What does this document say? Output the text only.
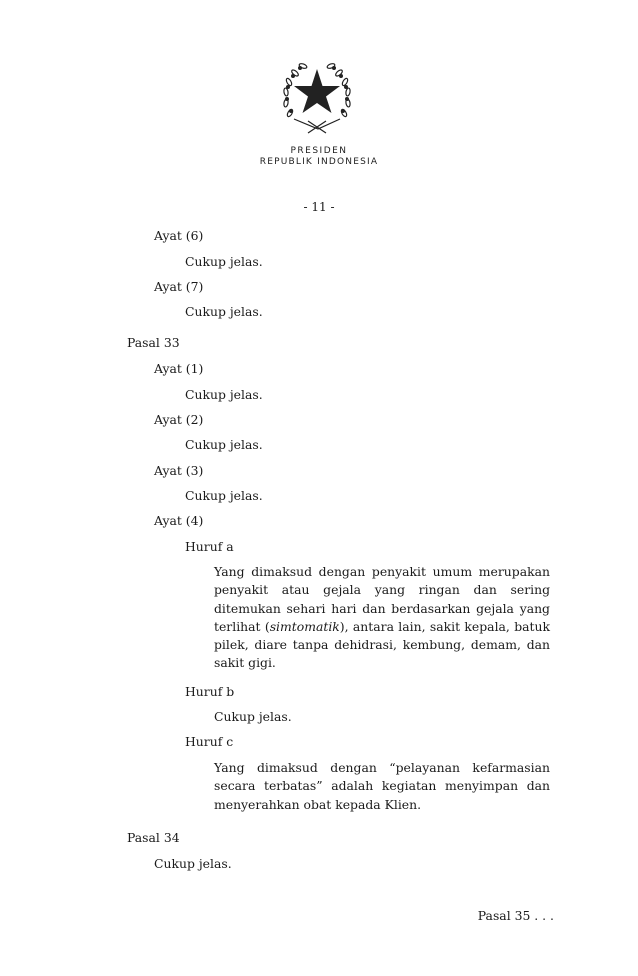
PRESIDEN
REPUBLIK INDONESIA
- 11 -
Ayat (6)
Cukup jelas.
Ayat (7)
Cukup jelas.
Pasal 33
Ayat (1)
Cukup jelas.
Ayat (2)
Cukup jelas.
Ayat (3)
Cukup jelas.
Ayat (4)
Huruf a
Yang dimaksud dengan penyakit umum merupakan penyakit atau gejala yang ringan dan sering ditemukan sehari hari dan berdasarkan gejala yang terlihat (simtomatik), antara lain, sakit kepala, batuk pilek, diare tanpa dehidrasi, kembung, demam, dan sakit gigi.
Huruf b
Cukup jelas.
Huruf c
Yang dimaksud dengan “pelayanan kefarmasian secara terbatas” adalah kegiatan menyimpan dan menyerahkan obat kepada Klien.
Pasal 34
Cukup jelas.
Pasal 35 . . .
